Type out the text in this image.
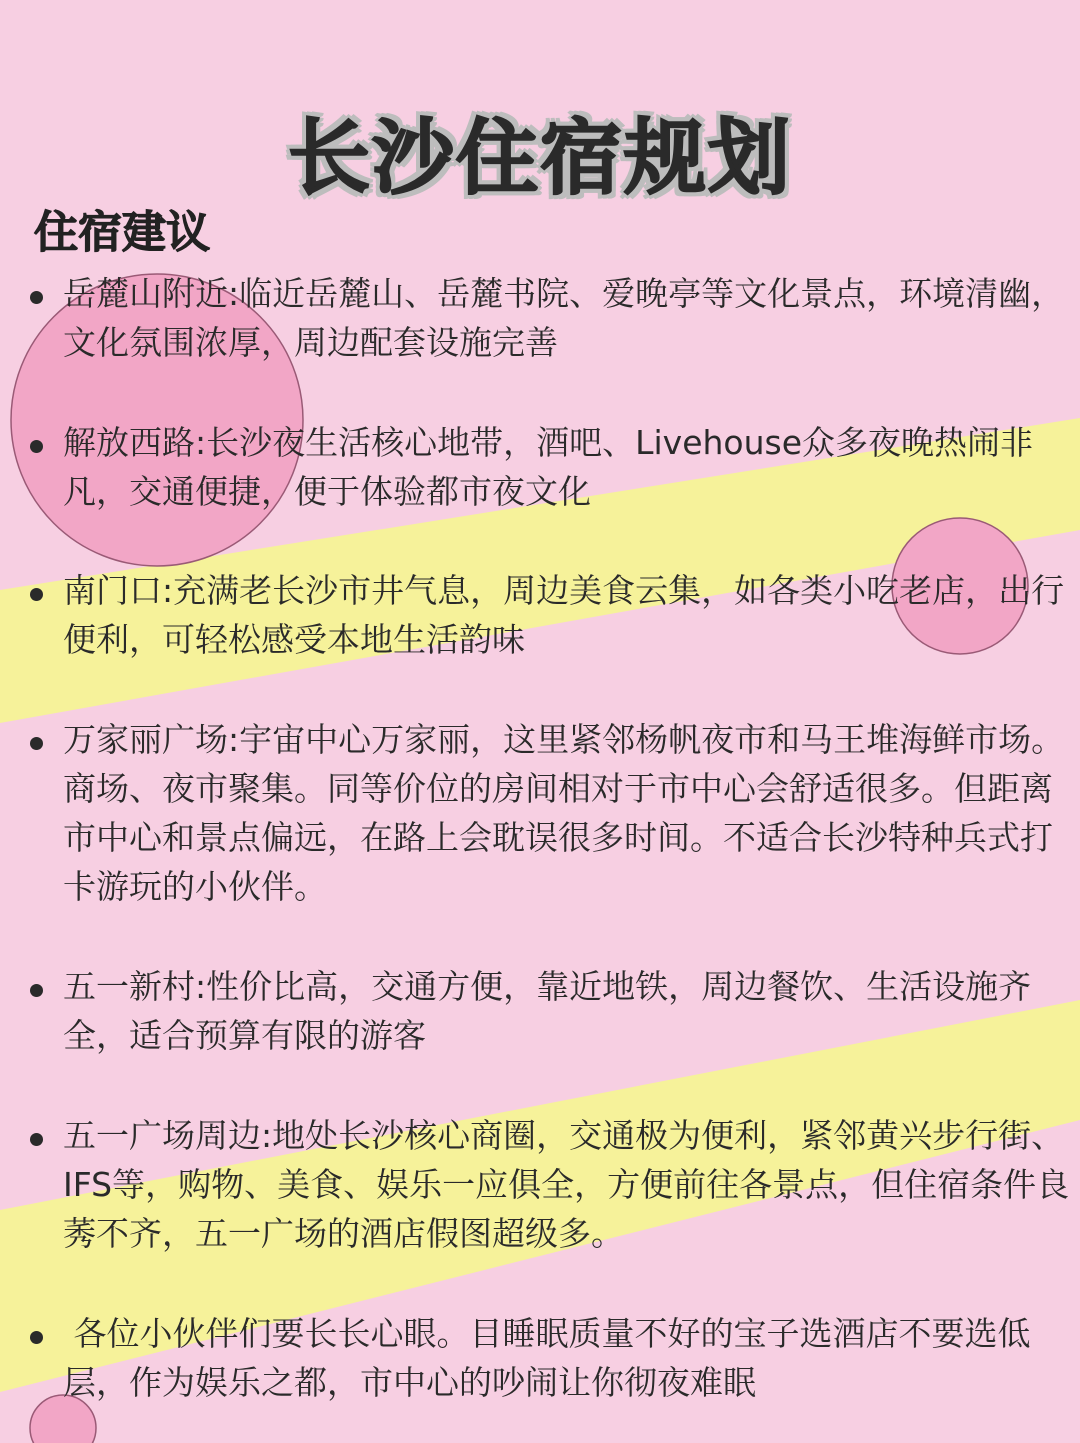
长沙住宿规划
住宿建议
岳麓山附近:临近岳麓山、岳麓书院、爱晚亭等文化景点，环境清幽，文化氛围浓厚，周边配套设施完善
解放西路:长沙夜生活核心地带，酒吧、Livehouse众多夜晚热闹非凡，交通便捷，便于体验都市夜文化
南门口:充满老长沙市井气息，周边美食云集，如各类小吃老店，出行便利，可轻松感受本地生活韵味
万家丽广场:宇宙中心万家丽，这里紧邻杨帆夜市和马王堆海鲜市场。商场、夜市聚集。同等价位的房间相对于市中心会舒适很多。但距离市中心和景点偏远，在路上会耽误很多时间。不适合长沙特种兵式打卡游玩的小伙伴。
五一新村:性价比高，交通方便，靠近地铁，周边餐饮、生活设施齐全，适合预算有限的游客
五一广场周边:地处长沙核心商圈，交通极为便利，紧邻黄兴步行街、IFS等，购物、美食、娱乐一应俱全，方便前往各景点，但住宿条件良莠不齐，五一广场的酒店假图超级多。
各位小伙伴们要长长心眼。目睡眠质量不好的宝子选酒店不要选低层，作为娱乐之都，市中心的吵闹让你彻夜难眠
